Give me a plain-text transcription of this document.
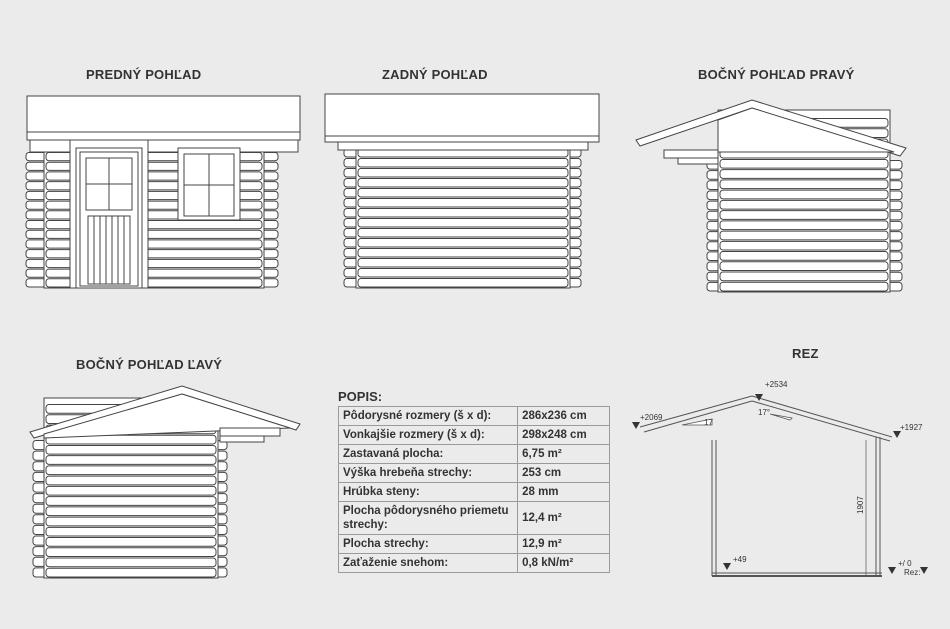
PREDNÝ POHĽAD	ZADNÝ POHĽAD	BOČNÝ POHĽAD PRAVÝ
BOČNÝ POHĽAD ĽAVÝ
REZ
+2534
+2069
+1927
+49	+/ 0
Rez:
17
17°
1907
POPIS:
Pôdorysné rozmery (š x d):	286x236 cm
Vonkajšie rozmery (š x d):	298x248 cm
Zastavaná plocha:	6,75 m²
Výška hrebeňa strechy:	253 cm
Hrúbka steny:	28 mm
Plocha pôdorysného priemetu strechy:	12,4 m²
Plocha strechy:	12,9 m²
Zaťaženie snehom:	0,8 kN/m²
